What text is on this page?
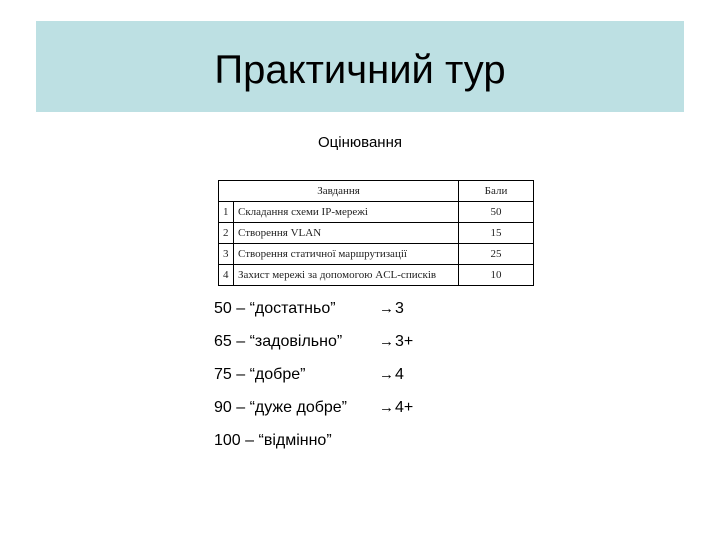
Практичний тур
Оцінювання
Завдання		Бали
1	Складання схеми IP-мережі	50
2	Створення VLAN	15
3	Створення статичної маршрутизації	25
4	Захист мережі за допомогою ACL-списків	10
50 – “достатньо”	→ 3
65 – “задовільно” → 3+
75 – “добре”	→ 4
90 – “дуже добре” → 4+
100 – “відмінно”
